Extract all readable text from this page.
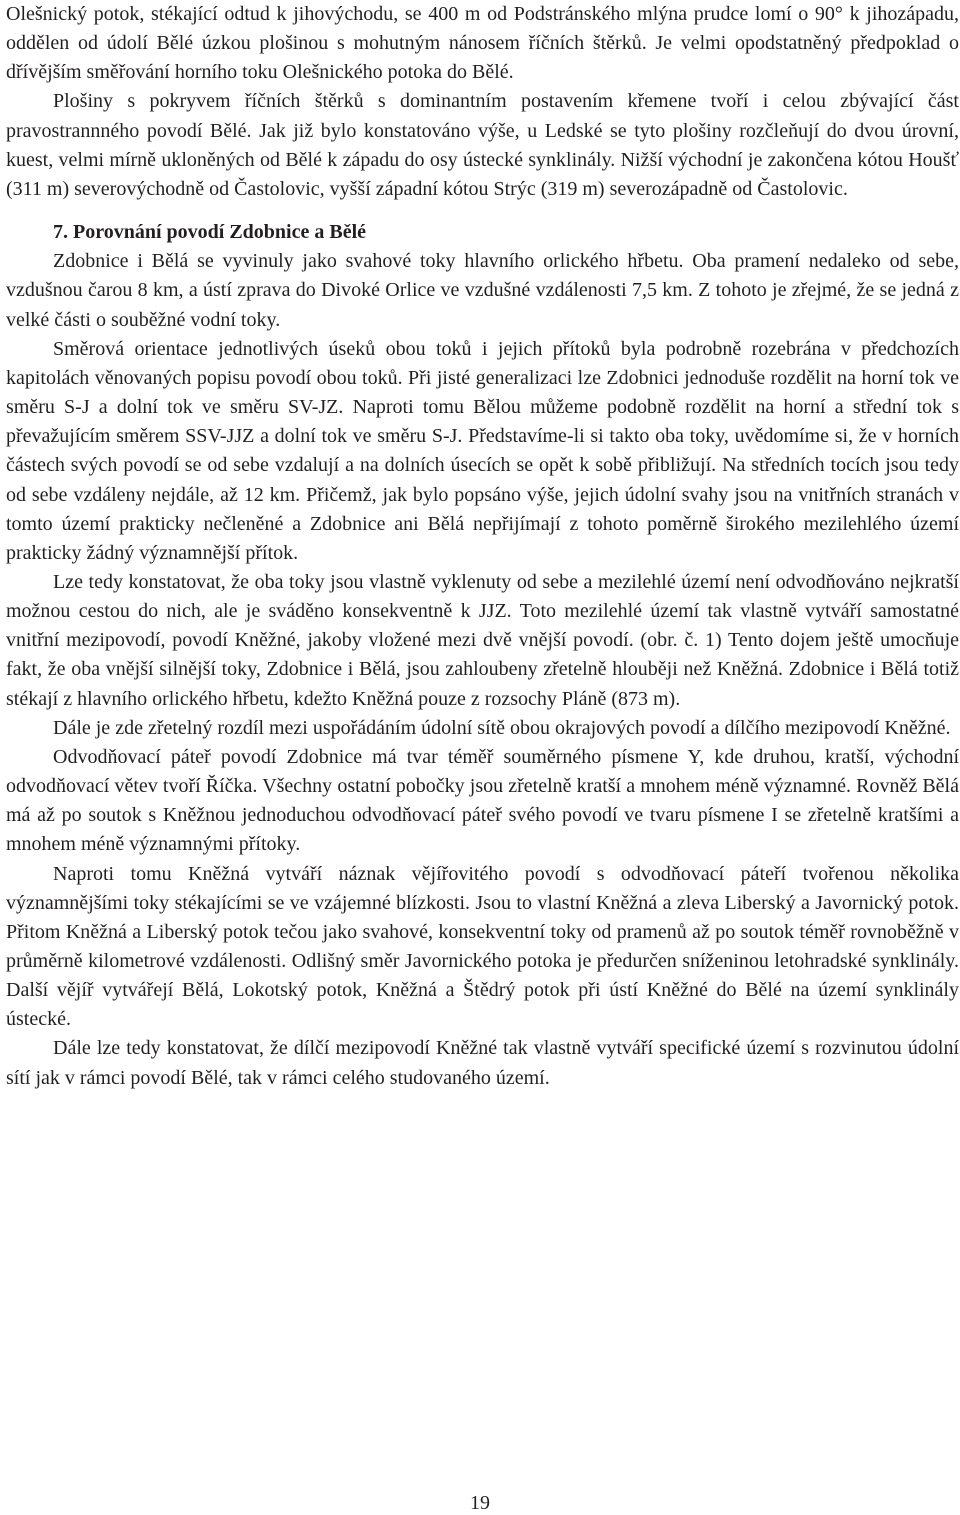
Olešnický potok, stékající odtud k jihovýchodu, se 400 m od Podstránského mlýna prudce lomí o 90° k jihozápadu, oddělen od údolí Bělé úzkou plošinou s mohutným nánosem říčních štěrků. Je velmi opodstatněný předpoklad o dřívějším směřování horního toku Olešnického potoka do Bělé.

Plošiny s pokryvem říčních štěrků s dominantním postavením křemene tvoří i celou zbývající část pravostrannného povodí Bělé. Jak již bylo konstatováno výše, u Ledské se tyto plošiny rozčleňují do dvou úrovní, kuest, velmi mírně ukloněných od Bělé k západu do osy ústecké synklinály. Nižší východní je zakončena kótou Houšť (311 m) severovýchodně od Častolovic, vyšší západní kótou Strýc (319 m) severozápadně od Častolovic.

7. Porovnání povodí Zdobnice a Bělé

Zdobnice i Bělá se vyvinuly jako svahové toky hlavního orlického hřbetu. Oba pramení nedaleko od sebe, vzdušnou čarou 8 km, a ústí zprava do Divoké Orlice ve vzdušné vzdálenosti 7,5 km. Z tohoto je zřejmé, že se jedná z velké části o souběžné vodní toky.

Směrová orientace jednotlivých úseků obou toků i jejich přítoků byla podrobně rozebrána v předchozích kapitolách věnovaných popisu povodí obou toků. Při jisté generalizaci lze Zdobnici jednoduše rozdělit na horní tok ve směru S-J a dolní tok ve směru SV-JZ. Naproti tomu Bělou můžeme podobně rozdělit na horní a střední tok s převažujícím směrem SSV-JJZ a dolní tok ve směru S-J. Představíme-li si takto oba toky, uvědomíme si, že v horních částech svých povodí se od sebe vzdalují a na dolních úsecích se opět k sobě přibližují. Na středních tocích jsou tedy od sebe vzdáleny nejdále, až 12 km. Přičemž, jak bylo popsáno výše, jejich údolní svahy jsou na vnitřních stranách v tomto území prakticky nečleněné a Zdobnice ani Bělá nepřijímají z tohoto poměrně širokého mezilehlého území prakticky žádný významnější přítok.

Lze tedy konstatovat, že oba toky jsou vlastně vyklenuty od sebe a mezilehlé území není odvodňováno nejkratší možnou cestou do nich, ale je sváděno konsekventně k JJZ. Toto mezilehlé území tak vlastně vytváří samostatné vnitřní mezipovodí, povodí Kněžné, jakoby vložené mezi dvě vnější povodí. (obr. č. 1) Tento dojem ještě umocňuje fakt, že oba vnější silnější toky, Zdobnice i Bělá, jsou zahloubeny zřetelně hlouběji než Kněžná. Zdobnice i Bělá totiž stékají z hlavního orlického hřbetu, kdežto Kněžná pouze z rozsochy Pláně (873 m).

Dále je zde zřetelný rozdíl mezi uspořádáním údolní sítě obou okrajových povodí a dílčího mezipovodí Kněžné.

Odvodňovací páteř povodí Zdobnice má tvar téměř souměrného písmene Y, kde druhou, kratší, východní odvodňovací větev tvoří Říčka. Všechny ostatní pobočky jsou zřetelně kratší a mnohem méně významné. Rovněž Bělá má až po soutok s Kněžnou jednoduchou odvodňovací páteř svého povodí ve tvaru písmene I se zřetelně kratšími a mnohem méně významnými přítoky.

Naproti tomu Kněžná vytváří náznak vějířovitého povodí s odvodňovací páteří tvořenou několika významnějšími toky stékajícími se ve vzájemné blízkosti. Jsou to vlastní Kněžná a zleva Liberský a Javornický potok. Přitom Kněžná a Liberský potok tečou jako svahové, konsekventní toky od pramenů až po soutok téměř rovnoběžně v průměrně kilometrové vzdálenosti. Odlišný směr Javornického potoka je předurčen sníženinou letohradské synklinály. Další vějíř vytvářejí Bělá, Lokotský potok, Kněžná a Štědrý potok při ústí Kněžné do Bělé na území synklinály ústecké.

Dále lze tedy konstatovat, že dílčí mezipovodí Kněžné tak vlastně vytváří specifické území s rozvinutou údolní sítí jak v rámci povodí Bělé, tak v rámci celého studovaného území.

19
